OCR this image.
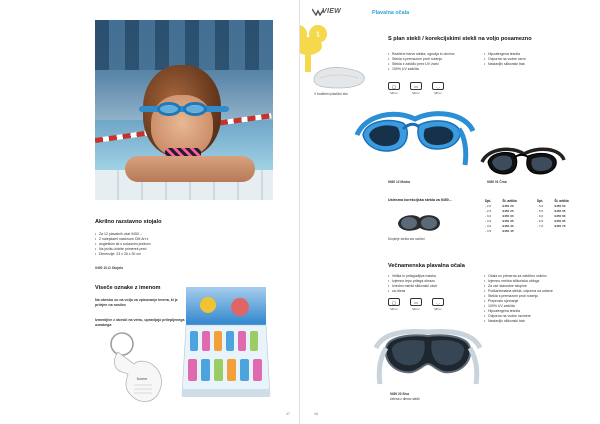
Akrilno razstavno stojalo
• Za 12 plavalnih očal 9450...
• Z nalepkami naslovom DM Art z
• angleškim ali s sočasnim jezikom
• Na jeziku dobite primerek pred
• Dimenzije: 23 x 26 x 30 cm
9450 10-D Stojalo
Viseče oznake z imenom
Na obesku so na voljo za vpisovanje imena, ki je pritrjen na nosilec
Izmenljive z obeski na vetru, upravljajo prilepljenega oznakega
Name
47
VIEW	Plavalna očala
1
S plan stekli / korekcijskimi stekli na voljo posamezno
• Različne barve stekla, ogrodja in okvirov
• Stekla s premazom proti rosenju
• Stekla z zaščito pred UV žarki
• 100% UV zaščita
• Hipoalergena tesnila
• Odporna na vodne razm
• Nastavljiv silikonski trak
V kvalitetni plastični etui
◯
Mirror
▭
Mirror
◡
Mirror
9450 12 Modra	9450 01 Črna
Ustrezna korekcijska stekla za 9450...
Dioptrije stekla sta različni
Dpt.	Št. artikla	Dpt.	Št. artikla
- 2,0	9450 20	- 5,0	9450 50
- 2,5	9450 25	- 5,5	9450 55
- 3,0	9450 30	- 6,0	9450 60
- 3,5	9450 35	- 6,5	9450 65
- 4,0	9450 40	- 7,0	9450 70
- 4,5	9450 45		
Večnamenska plavalna očala
• Velika in prilagodljiva maska
• Izjemno lepo prilega obrazu
• Izredno mehki silikonski okvir
• za obraz
• Očala so primerna za zaščitno oskrbo
• Izjemno mehka silikonska obloga
• Za vse starostne skupine
• Polikarbonatna stekla, odporna na udarce
• Stekla s premazom proti rosenju
• Preprosto ujemanje
• 100% UV zaščita
• Hipoalergena tesnila
• Odporna na vodne razmere
• Nastavljiv silikonski trak
◯
Mirror
▭
Mirror
◡
Mirror
9450 20 Siva
zelena z dimno stekli
48
